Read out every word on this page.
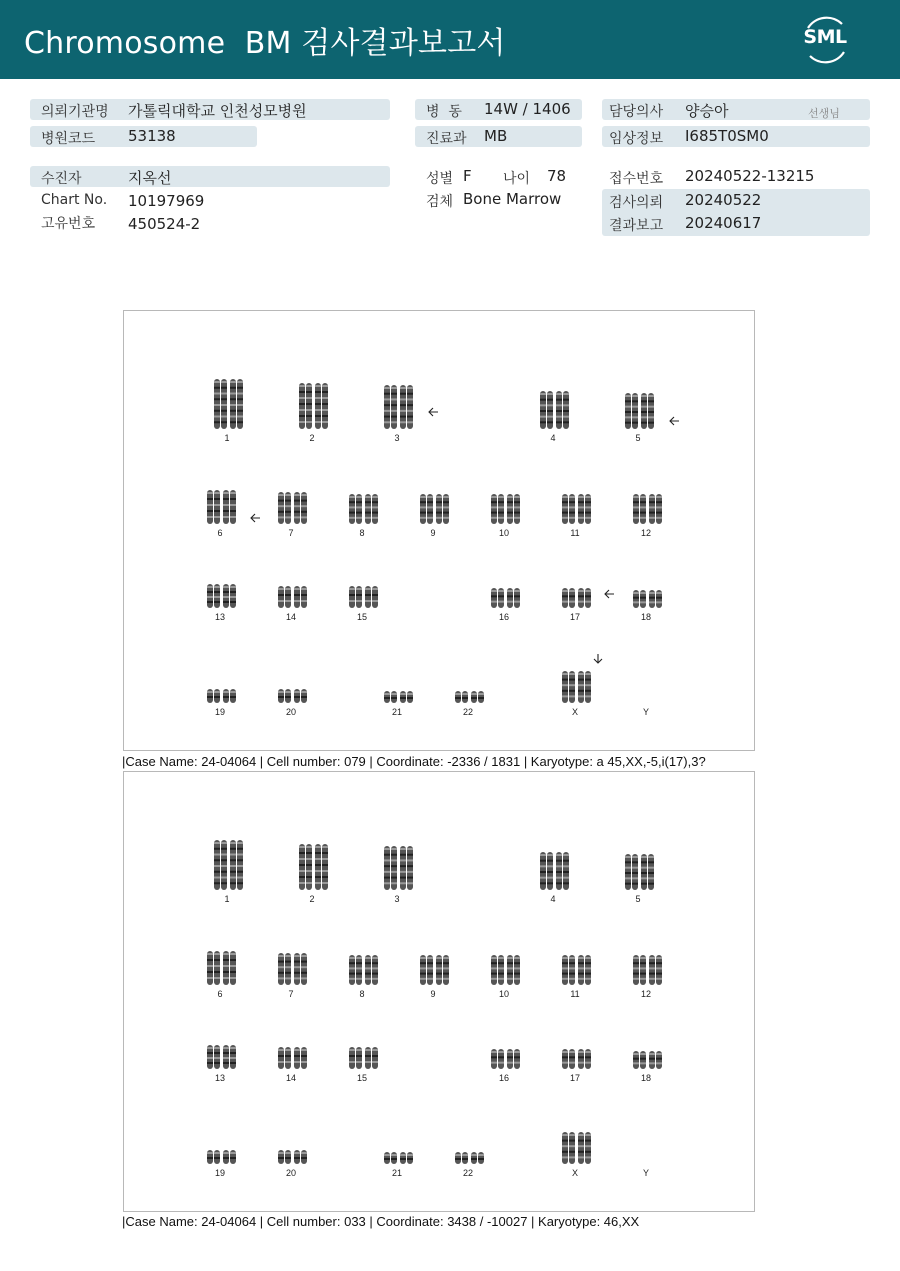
Chromosome  BM 검사결과보고서	SML
의뢰기관명 가톨릭대학교 인천성모병원
병원코드 53138
병  동 14W / 1406
진료과 MB
담당의사 양승아	선생님
임상정보 I685T0SM0
수진자	지옥선
Chart No. 10197969
고유번호 450524-2
성별 F 나이 78
검체 Bone Marrow
접수번호 20240522-13215
검사의뢰 20240522
결과보고 20240617
1	2	3	4	5
6	7	8	9	10	11	12
13	14	15	16	17	18
19	20	21	22	X	Y
|Case Name: 24-04064 | Cell number: 079 | Coordinate: -2336 / 1831 | Karyotype: a 45,XX,-5,i(17),3?
1	2	3	4	5
6	7	8	9	10	11	12
13	14	15	16	17	18
19	20	21	22	X	Y
|Case Name: 24-04064 | Cell number: 033 | Coordinate: 3438 / -10027 | Karyotype: 46,XX
